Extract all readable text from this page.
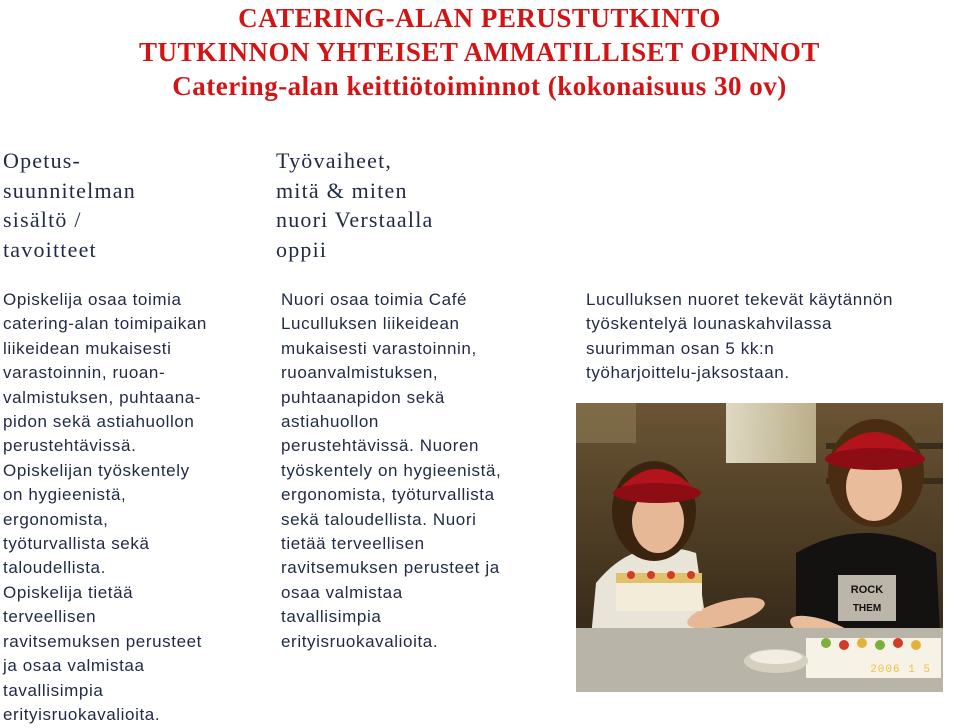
CATERING-ALAN PERUSTUTKINTO
TUTKINNON YHTEISET AMMATILLISET OPINNOT
Catering-alan keittiötoiminnot (kokonaisuus 30 ov)
Opetus-
suunnitelman
sisältö /
tavoitteet
Työvaiheet,
mitä & miten
nuori Verstaalla
oppii
Opiskelija osaa toimia
catering-alan toimipaikan
liikeidean mukaisesti
varastoinnin, ruoan-
valmistuksen, puhtaana-
pidon sekä astiahuollon
perustehtävissä.
Opiskelijan työskentely
on hygieenistä,
ergonomista,
työturvallista sekä
taloudellista.
Opiskelija tietää
terveellisen
ravitsemuksen perusteet
ja osaa valmistaa
tavallisimpia
erityisruokavalioita.
Nuori osaa toimia Café
Luculluksen liikeidean
mukaisesti varastoinnin,
ruoanvalmistuksen,
puhtaanapidon sekä
astiahuollon
perustehtävissä. Nuoren
työskentely on hygieenistä,
ergonomista, työturvallista
sekä taloudellista. Nuori
tietää terveellisen
ravitsemuksen perusteet ja
osaa valmistaa
tavallisimpia
erityisruokavalioita.
Luculluksen nuoret tekevät käytännön
työskentelyä lounaskahvilassa
suurimman osan 5 kk:n
työharjoittelu-jaksostaan.
ROCK
THEM
2006 1 5
